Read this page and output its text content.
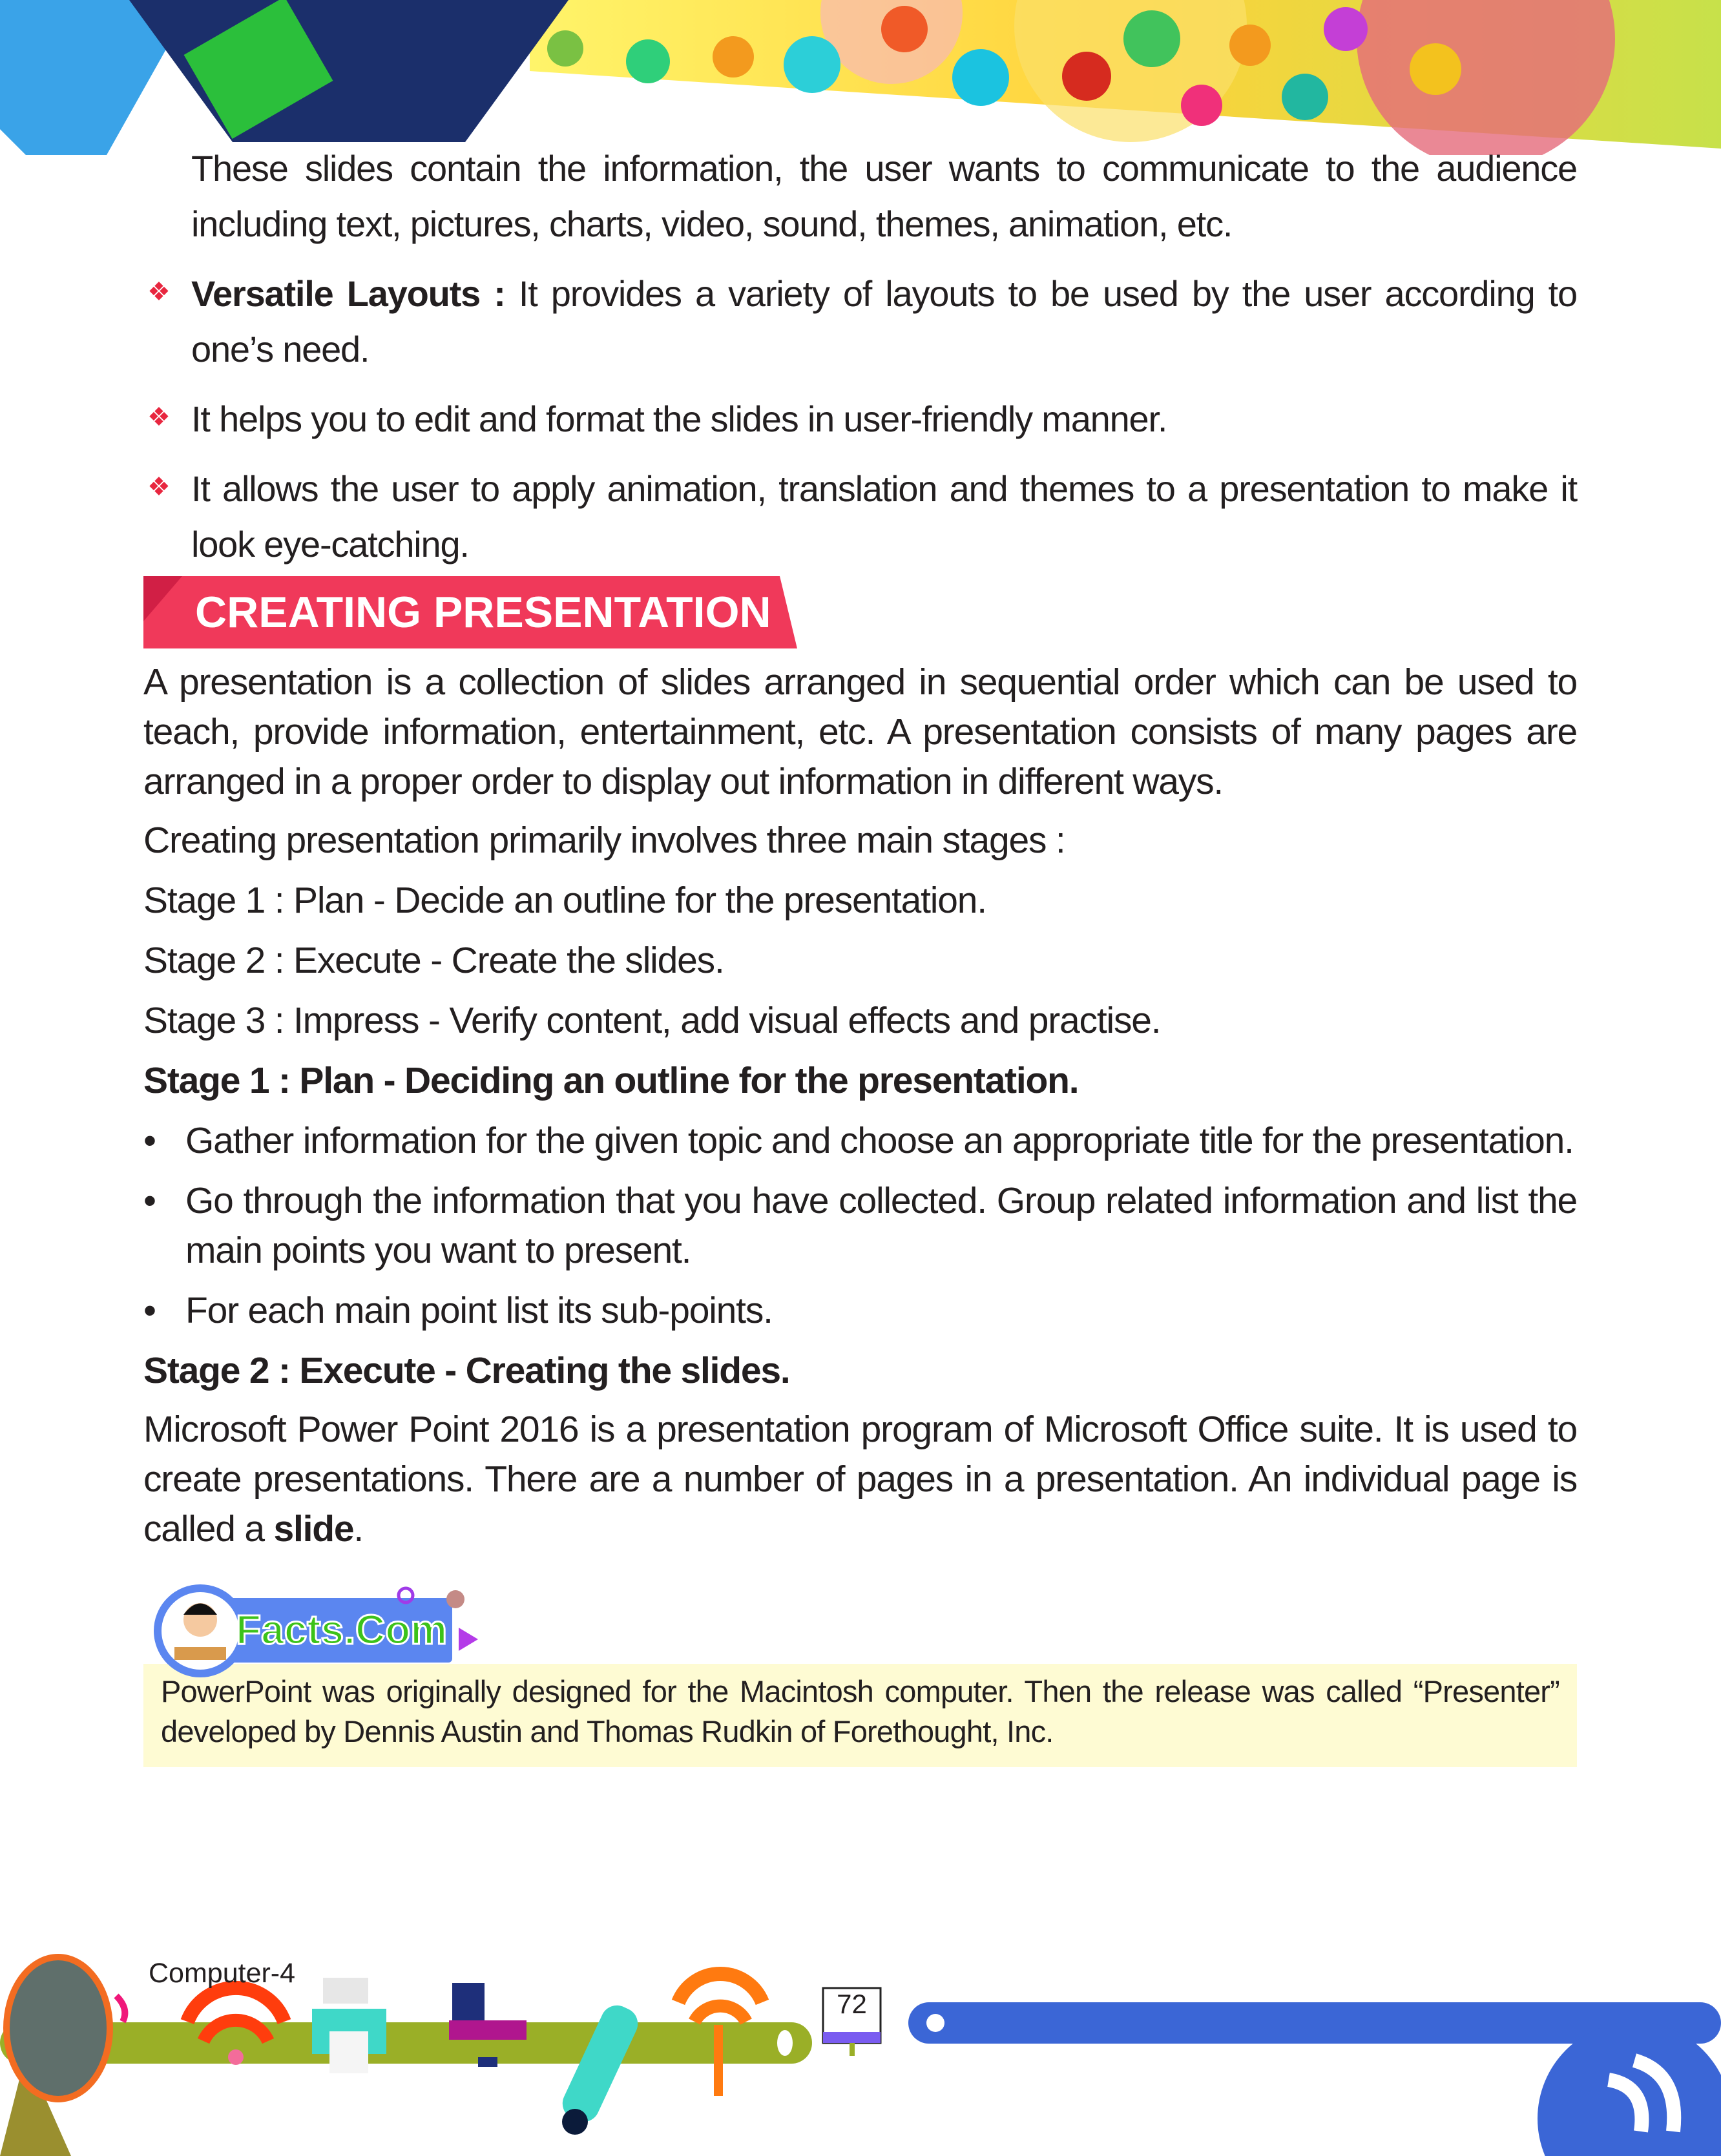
These slides contain the information, the user wants to communicate to the audience including text, pictures, charts, video, sound, themes, animation, etc.
❖ Versatile Layouts : It provides a variety of layouts to be used by the user according to one’s need.
❖ It helps you to edit and format the slides in user-friendly manner.
❖ It allows the user to apply animation, translation and themes to a presentation to make it look eye-catching.
CREATING PRESENTATION
A presentation is a collection of slides arranged in sequential order which can be used to teach, provide information, entertainment, etc. A presentation consists of many pages are arranged in a proper order to display out information in different ways.
Creating presentation primarily involves three main stages :
Stage 1 : Plan - Decide an outline for the presentation.
Stage 2 : Execute - Create the slides.
Stage 3 : Impress - Verify content, add visual effects and practise.
Stage 1 : Plan - Deciding an outline for the presentation.
• Gather information for the given topic and choose an appropriate title for the presentation.
• Go through the information that you have collected. Group related information and list the main points you want to present.
• For each main point list its sub-points.
Stage 2 : Execute - Creating the slides.
Microsoft Power Point 2016 is a presentation program of Microsoft Office suite. It is used to create presentations. There are a number of pages in a presentation. An individual page is called a slide.
Facts.Com
PowerPoint was originally designed for the Macintosh computer. Then the release was called “Presenter” developed by Dennis Austin and Thomas Rudkin of Forethought, Inc.
Computer-4
72
